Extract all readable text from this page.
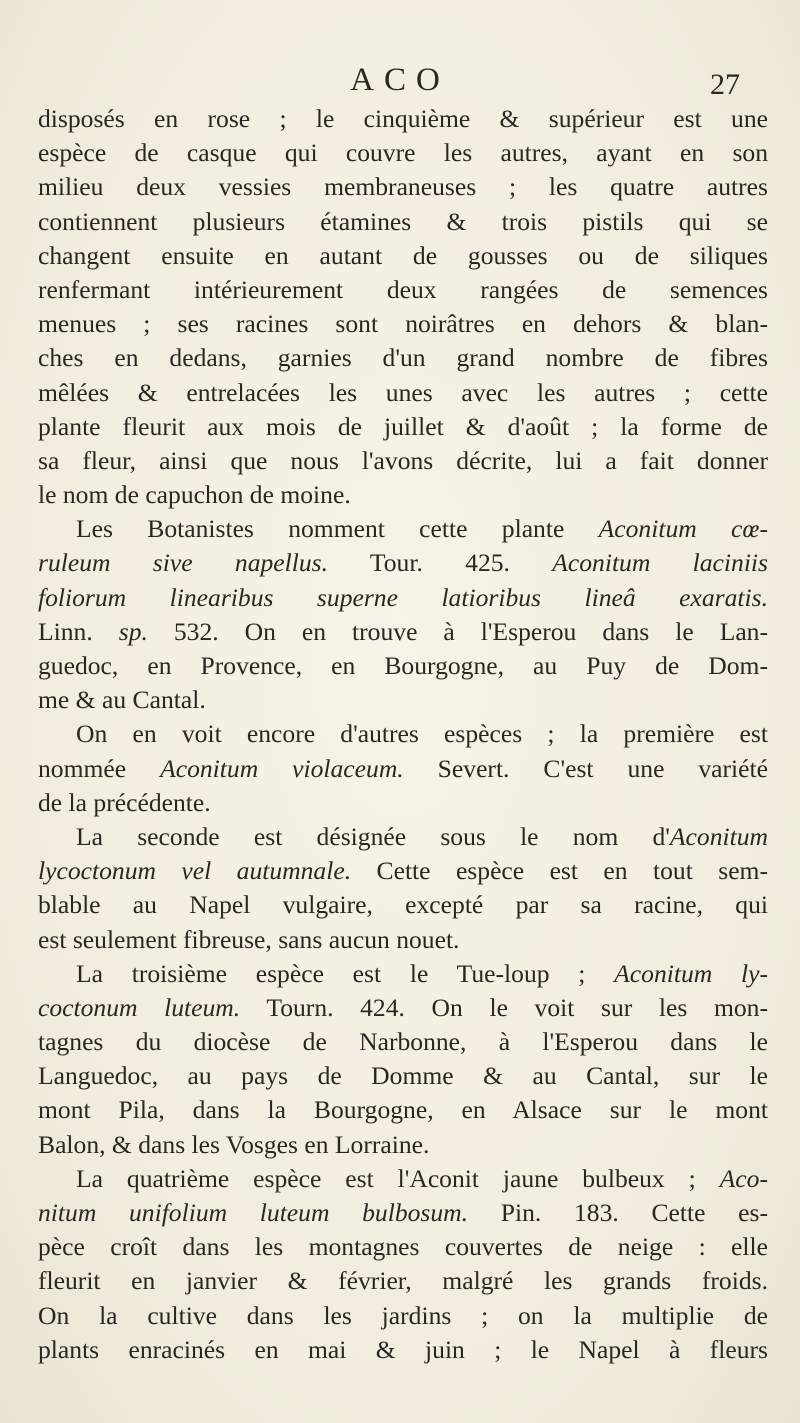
ACO	27
disposés en rose ; le cinquième & supérieur est une
espèce de casque qui couvre les autres, ayant en son
milieu deux vessies membraneuses ; les quatre autres
contiennent plusieurs étamines & trois pistils qui se
changent ensuite en autant de gousses ou de siliques
renfermant intérieurement deux rangées de semences
menues ; ses racines sont noirâtres en dehors & blan-
ches en dedans, garnies d'un grand nombre de fibres
mêlées & entrelacées les unes avec les autres ; cette
plante fleurit aux mois de juillet & d'août ; la forme de
sa fleur, ainsi que nous l'avons décrite, lui a fait donner
le nom de capuchon de moine.
Les Botanistes nomment cette plante Aconitum cœ-
ruleum sive napellus. Tour. 425. Aconitum laciniis
foliorum linearibus superne latioribus lineâ exaratis.
Linn. sp. 532. On en trouve à l'Esperou dans le Lan-
guedoc, en Provence, en Bourgogne, au Puy de Dom-
me & au Cantal.
On en voit encore d'autres espèces ; la première est
nommée Aconitum violaceum. Severt. C'est une variété
de la précédente.
La seconde est désignée sous le nom d'Aconitum
lycoctonum vel autumnale. Cette espèce est en tout sem-
blable au Napel vulgaire, excepté par sa racine, qui
est seulement fibreuse, sans aucun nouet.
La troisième espèce est le Tue-loup ; Aconitum ly-
coctonum luteum. Tourn. 424. On le voit sur les mon-
tagnes du diocèse de Narbonne, à l'Esperou dans le
Languedoc, au pays de Domme & au Cantal, sur le
mont Pila, dans la Bourgogne, en Alsace sur le mont
Balon, & dans les Vosges en Lorraine.
La quatrième espèce est l'Aconit jaune bulbeux ; Aco-
nitum unifolium luteum bulbosum. Pin. 183. Cette es-
pèce croît dans les montagnes couvertes de neige : elle
fleurit en janvier & février, malgré les grands froids.
On la cultive dans les jardins ; on la multiplie de
plants enracinés en mai & juin ; le Napel à fleurs
